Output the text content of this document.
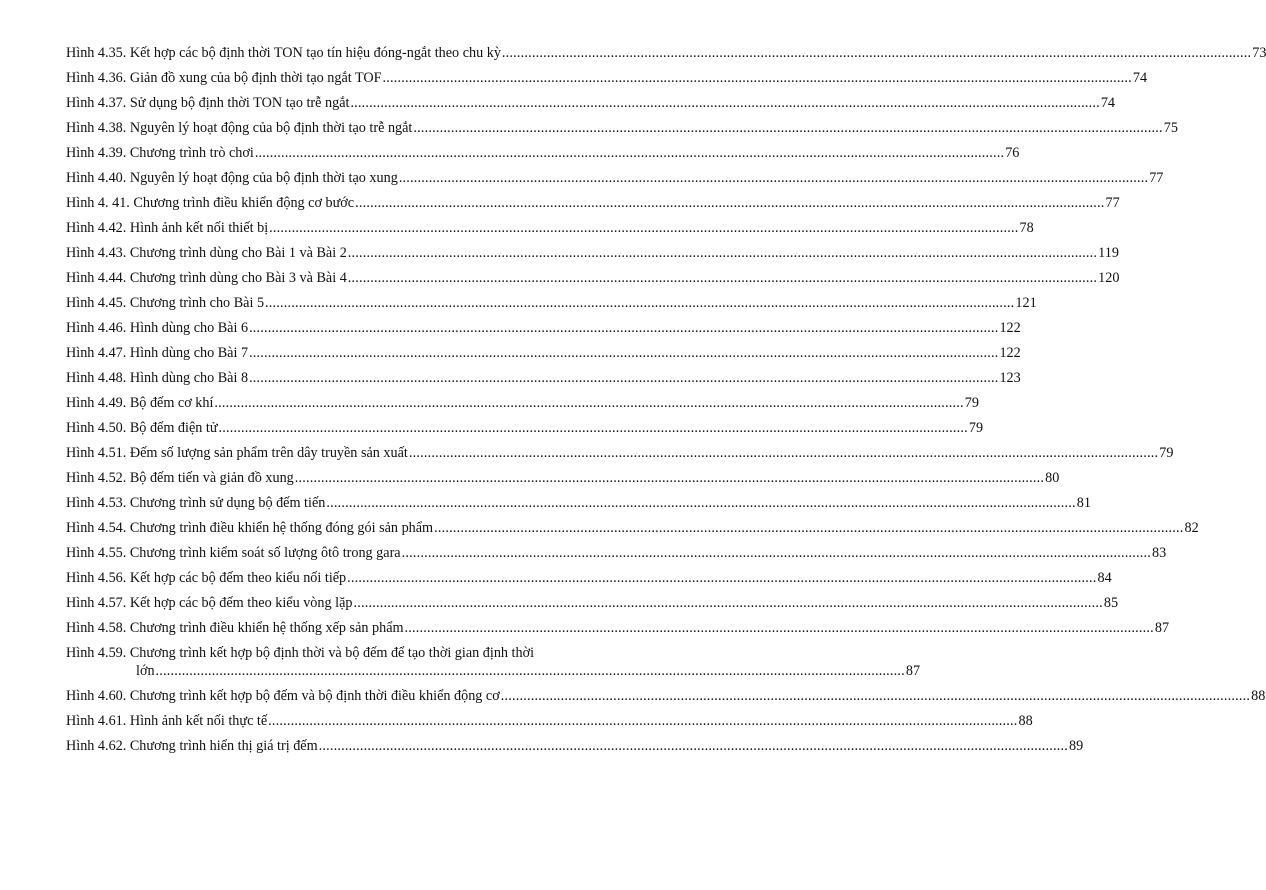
Hình 4.35.
Kết hợp các bộ định thời TON tạo tín hiệu đóng-ngắt theo chu kỳ .....	73
Hình 4.36.
Giản đồ xung của bộ định thời tạo ngắt TOF .....	74
Hình 4.37.
Sử dụng bộ định thời TON tạo trễ ngắt .....	74
Hình 4.38.
Nguyên lý hoạt động của bộ định thời tạo trễ ngắt .....	75
Hình 4.39.
Chương trình trò chơi .....	76
Hình 4.40.
Nguyên lý hoạt động của bộ định thời tạo xung .....	77
Hình 4. 41.
Chương trình điều khiển động cơ bước .....	77
Hình 4.42.
Hình ảnh kết nối thiết bị .....	78
Hình 4.43.
Chương trình dùng cho Bài 1 và Bài 2 .....	119
Hình 4.44.
Chương trình dùng cho Bài 3 và Bài 4 .....	120
Hình 4.45.
Chương trình cho Bài 5 .....	121
Hình 4.46.
Hình dùng cho Bài 6 .....	122
Hình 4.47.
Hình dùng cho Bài 7 .....	122
Hình 4.48.
Hình dùng cho Bài 8 .....	123
Hình 4.49.
Bộ đếm cơ khí .....	79
Hình 4.50.
Bộ đếm điện tử .....	79
Hình 4.51.
Đếm số lượng sản phẩm trên dây truyền sản xuất .....	79
Hình 4.52.
Bộ đếm tiến và giản đồ xung .....	80
Hình 4.53.
Chương trình sử dụng bộ đếm tiến .....	81
Hình 4.54.
Chương trình điều khiển hệ thống đóng gói sản phẩm .....	82
Hình 4.55.
Chương trình kiểm soát số lượng ôtô trong gara .....	83
Hình 4.56.
Kết hợp các bộ đếm theo kiểu nối tiếp .....	84
Hình 4.57.
Kết hợp các bộ đếm theo kiểu vòng lặp .....	85
Hình 4.58.
Chương trình điều khiển hệ thống xếp sản phẩm .....	87
Hình 4.59. Chương trình kết hợp bộ định thời và bộ đếm để tạo thời gian định thời
lớn .....	87
Hình 4.60.
Chương trình kết hợp bộ đếm và bộ định thời điều khiển động cơ .....	88
Hình 4.61.
Hình ảnh kết nối thực tế .....	88
Hình 4.62.
Chương trình hiển thị giá trị đếm .....	89
